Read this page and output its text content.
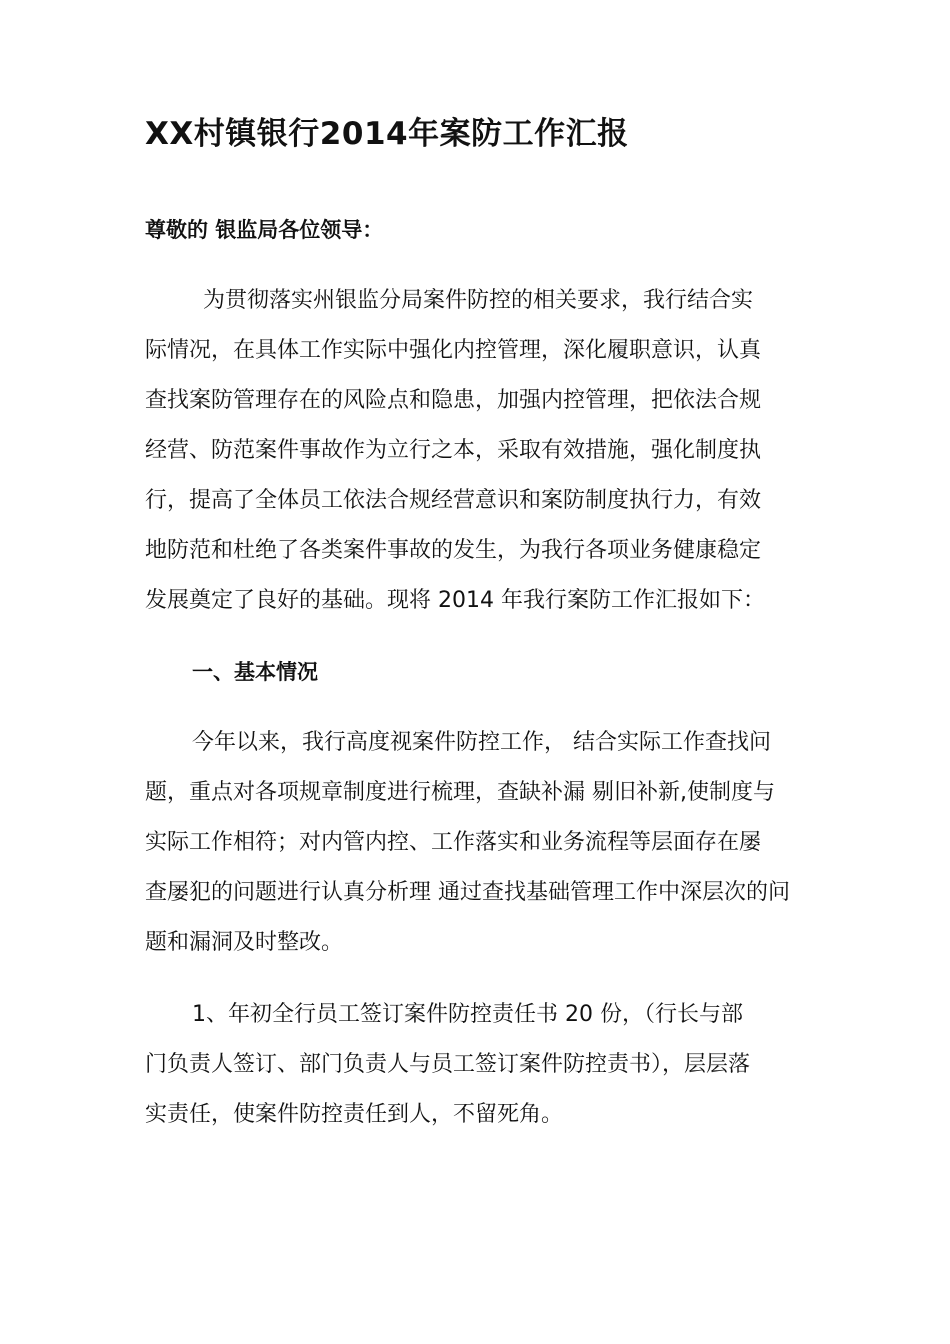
XX村镇银行2014年案防工作汇报

尊敬的 银监局各位领导：

为贯彻落实州银监分局案件防控的相关要求，我行结合实
际情况，在具体工作实际中强化内控管理，深化履职意识，认真
查找案防管理存在的风险点和隐患，加强内控管理，把依法合规
经营、防范案件事故作为立行之本，采取有效措施，强化制度执
行，提高了全体员工依法合规经营意识和案防制度执行力，有效
地防范和杜绝了各类案件事故的发生，为我行各项业务健康稳定
发展奠定了良好的基础。现将 2014 年我行案防工作汇报如下：
一、基本情况
今年以来，我行高度视案件防控工作， 结合实际工作查找问
题，重点对各项规章制度进行梳理，查缺补漏 剔旧补新,使制度与
实际工作相符；对内管内控、工作落实和业务流程等层面存在屡
查屡犯的问题进行认真分析理 通过查找基础管理工作中深层次的问
题和漏洞及时整改。
1、年初全行员工签订案件防控责任书 20 份，（行长与部
门负责人签订、部门负责人与员工签订案件防控责书），层层落
实责任，使案件防控责任到人，不留死角。
